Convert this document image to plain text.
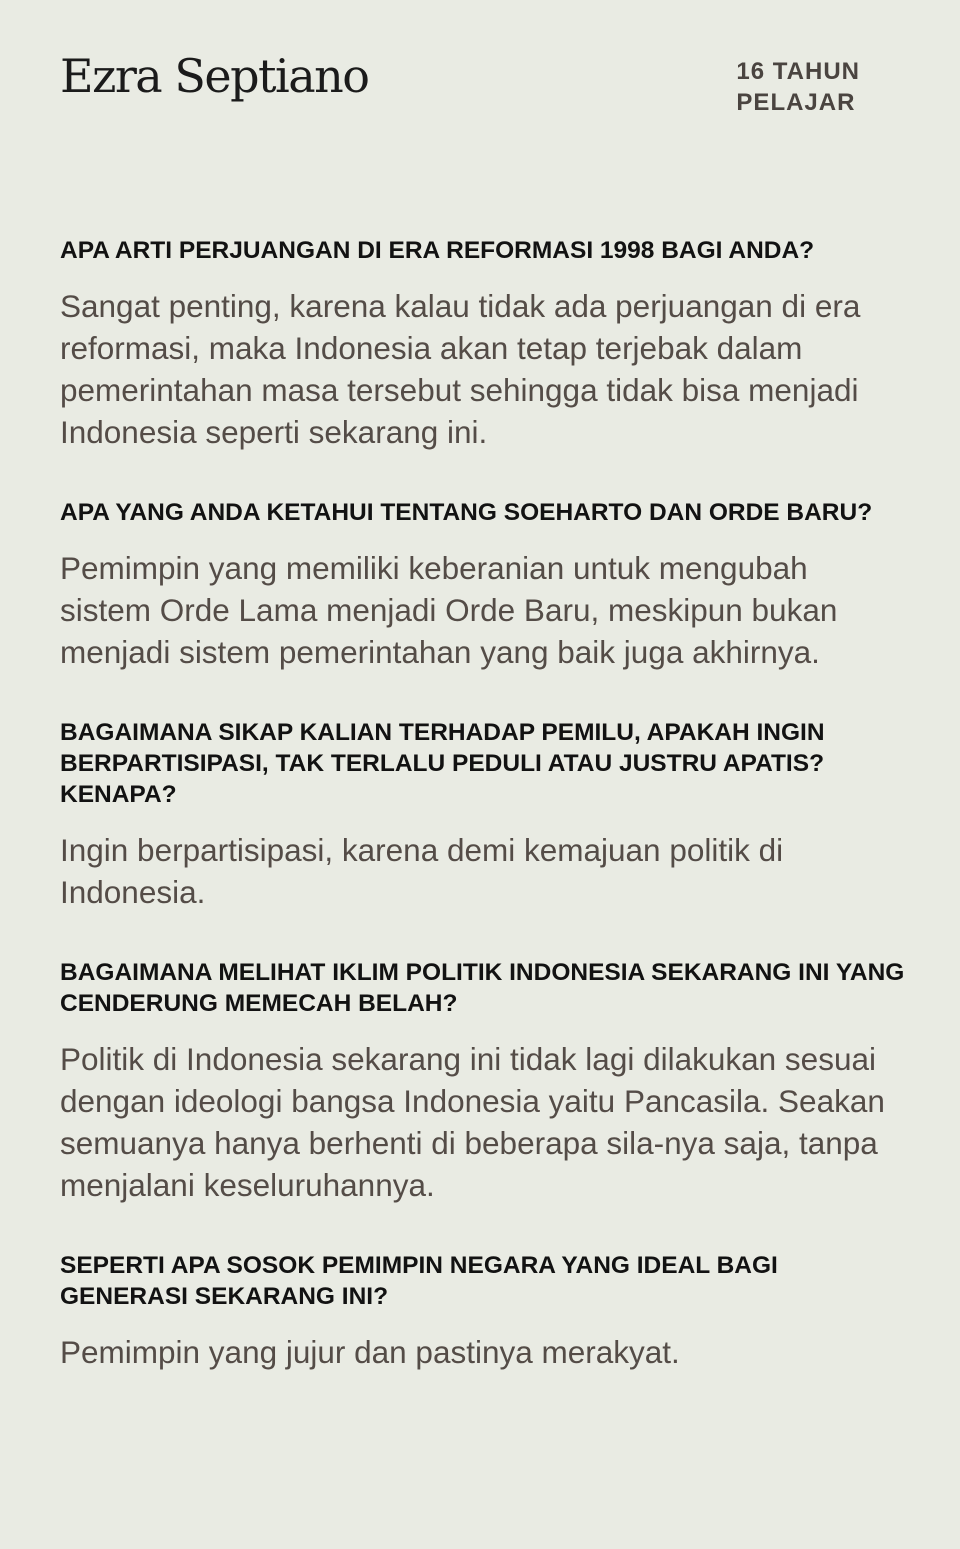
Ezra Septiano	16 TAHUN
PELAJAR
APA ARTI PERJUANGAN DI ERA REFORMASI 1998 BAGI ANDA?

Sangat penting, karena kalau tidak ada perjuangan di era reformasi, maka Indonesia akan tetap terjebak dalam pemerintahan masa tersebut sehingga tidak bisa menjadi Indonesia seperti sekarang ini.

APA YANG ANDA KETAHUI TENTANG SOEHARTO DAN ORDE BARU?

Pemimpin yang memiliki keberanian untuk mengubah sistem Orde Lama menjadi Orde Baru, meskipun bukan menjadi sistem pemerintahan yang baik juga akhirnya.

BAGAIMANA SIKAP KALIAN TERHADAP PEMILU, APAKAH INGIN BERPARTISIPASI, TAK TERLALU PEDULI ATAU JUSTRU APATIS? KENAPA?

Ingin berpartisipasi, karena demi kemajuan politik di Indonesia.

BAGAIMANA MELIHAT IKLIM POLITIK INDONESIA SEKARANG INI YANG CENDERUNG MEMECAH BELAH?

Politik di Indonesia sekarang ini tidak lagi dilakukan sesuai dengan ideologi bangsa Indonesia yaitu Pancasila. Seakan semuanya hanya berhenti di beberapa sila-nya saja, tanpa menjalani keseluruhannya.

SEPERTI APA SOSOK PEMIMPIN NEGARA YANG IDEAL BAGI GENERASI SEKARANG INI?

Pemimpin yang jujur dan pastinya merakyat.
